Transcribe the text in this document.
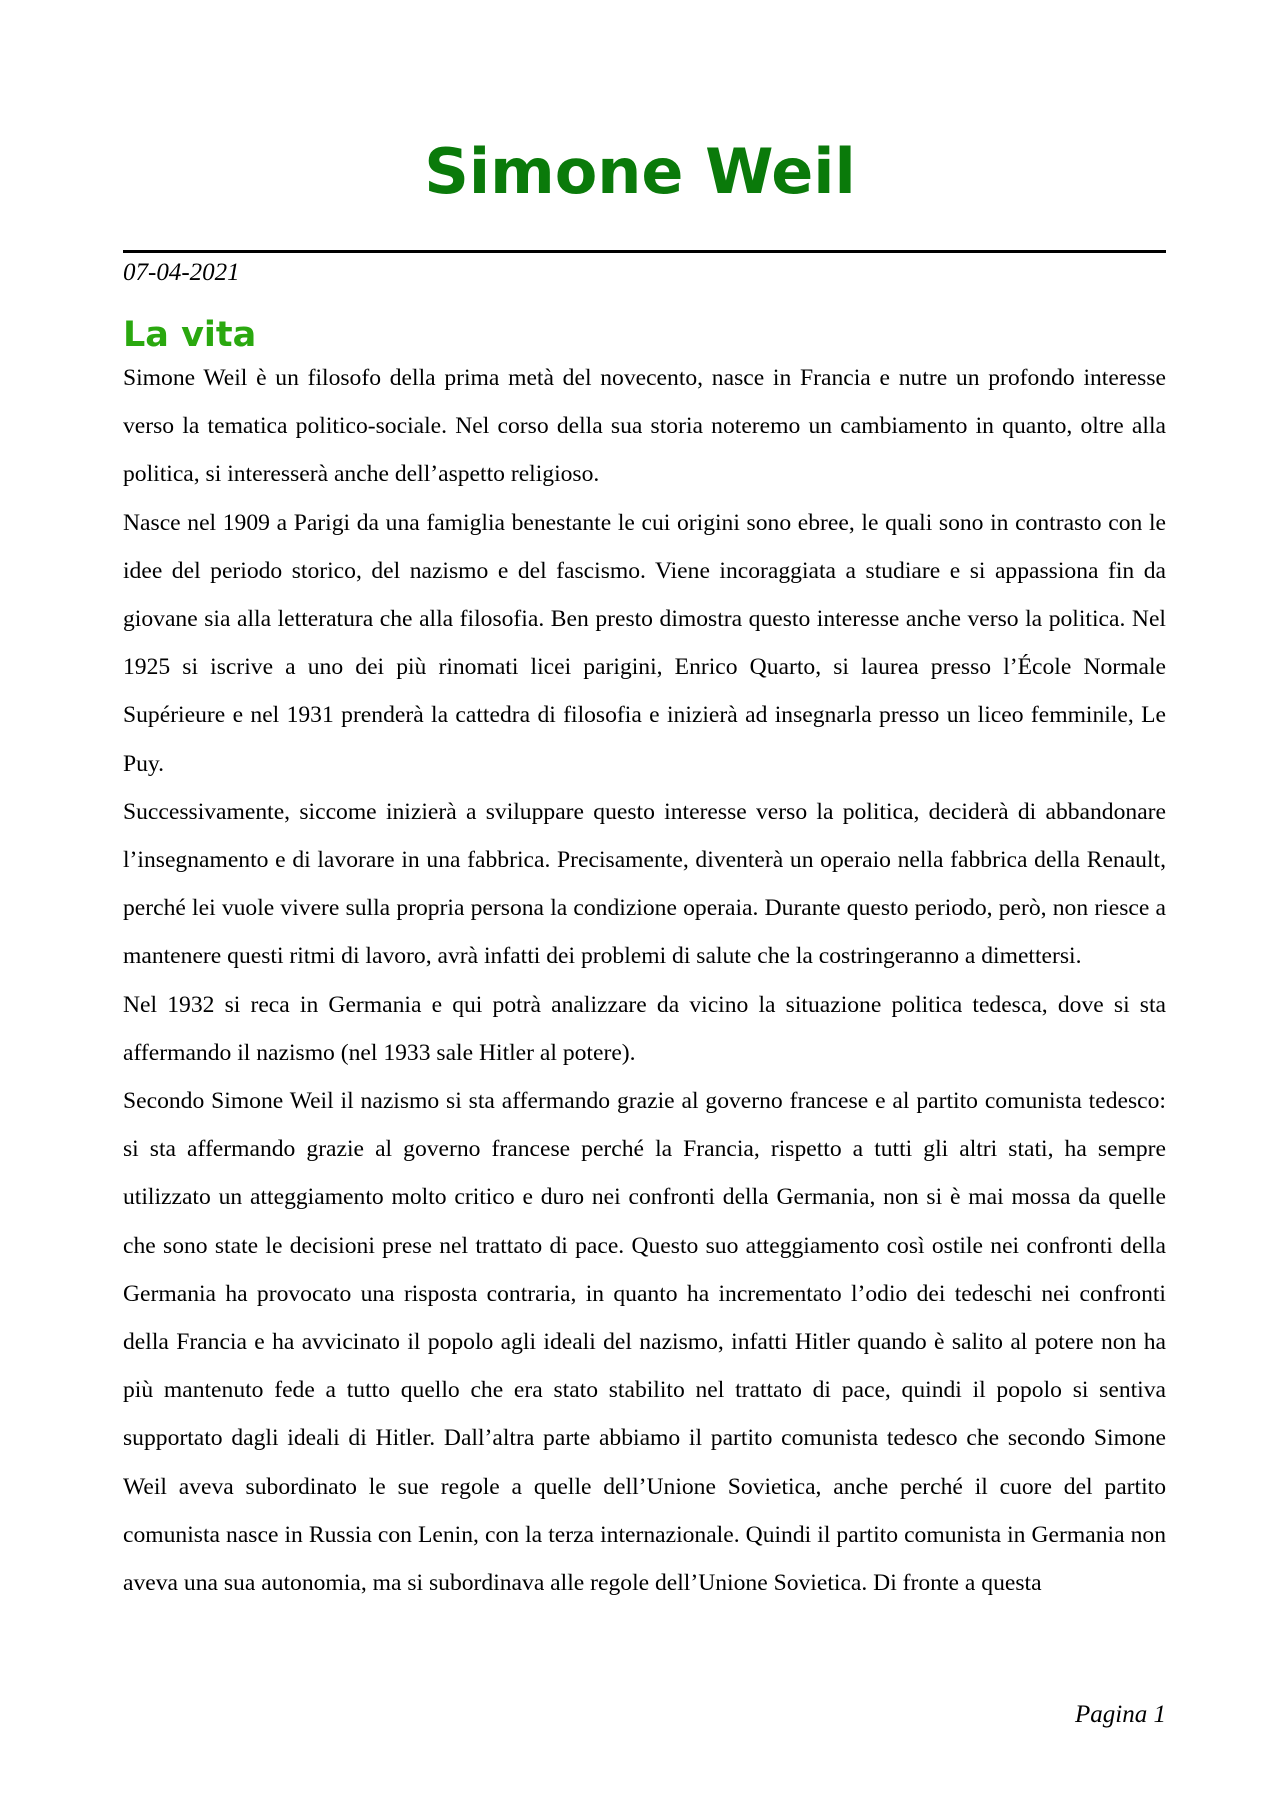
Simone Weil
07-04-2021
La vita

Simone Weil è un filosofo della prima metà del novecento, nasce in Francia e nutre un profondo interesse verso la tematica politico-sociale. Nel corso della sua storia noteremo un cambiamento in quanto, oltre alla politica, si interesserà anche dell’aspetto religioso.

Nasce nel 1909 a Parigi da una famiglia benestante le cui origini sono ebree, le quali sono in contrasto con le idee del periodo storico, del nazismo e del fascismo. Viene incoraggiata a studiare e si appassiona fin da giovane sia alla letteratura che alla filosofia. Ben presto dimostra questo interesse anche verso la politica. Nel 1925 si iscrive a uno dei più rinomati licei parigini, Enrico Quarto, si laurea presso l’École Normale Supérieure e nel 1931 prenderà la cattedra di filosofia e inizierà ad insegnarla presso un liceo femminile, Le Puy.

Successivamente, siccome inizierà a sviluppare questo interesse verso la politica, deciderà di abbandonare l’insegnamento e di lavorare in una fabbrica. Precisamente, diventerà un operaio nella fabbrica della Renault, perché lei vuole vivere sulla propria persona la condizione operaia. Durante questo periodo, però, non riesce a mantenere questi ritmi di lavoro, avrà infatti dei problemi di salute che la costringeranno a dimettersi.

Nel 1932 si reca in Germania e qui potrà analizzare da vicino la situazione politica tedesca, dove si sta affermando il nazismo (nel 1933 sale Hitler al potere).

Secondo Simone Weil il nazismo si sta affermando grazie al governo francese e al partito comunista tedesco: si sta affermando grazie al governo francese perché la Francia, rispetto a tutti gli altri stati, ha sempre utilizzato un atteggiamento molto critico e duro nei confronti della Germania, non si è mai mossa da quelle che sono state le decisioni prese nel trattato di pace. Questo suo atteggiamento così ostile nei confronti della Germania ha provocato una risposta contraria, in quanto ha incrementato l’odio dei tedeschi nei confronti della Francia e ha avvicinato il popolo agli ideali del nazismo, infatti Hitler quando è salito al potere non ha più mantenuto fede a tutto quello che era stato stabilito nel trattato di pace, quindi il popolo si sentiva supportato dagli ideali di Hitler. Dall’altra parte abbiamo il partito comunista tedesco che secondo Simone Weil aveva subordinato le sue regole a quelle dell’Unione Sovietica, anche perché il cuore del partito comunista nasce in Russia con Lenin, con la terza internazionale. Quindi il partito comunista in Germania non aveva una sua autonomia, ma si subordinava alle regole dell’Unione Sovietica. Di fronte a questa

Pagina 1
